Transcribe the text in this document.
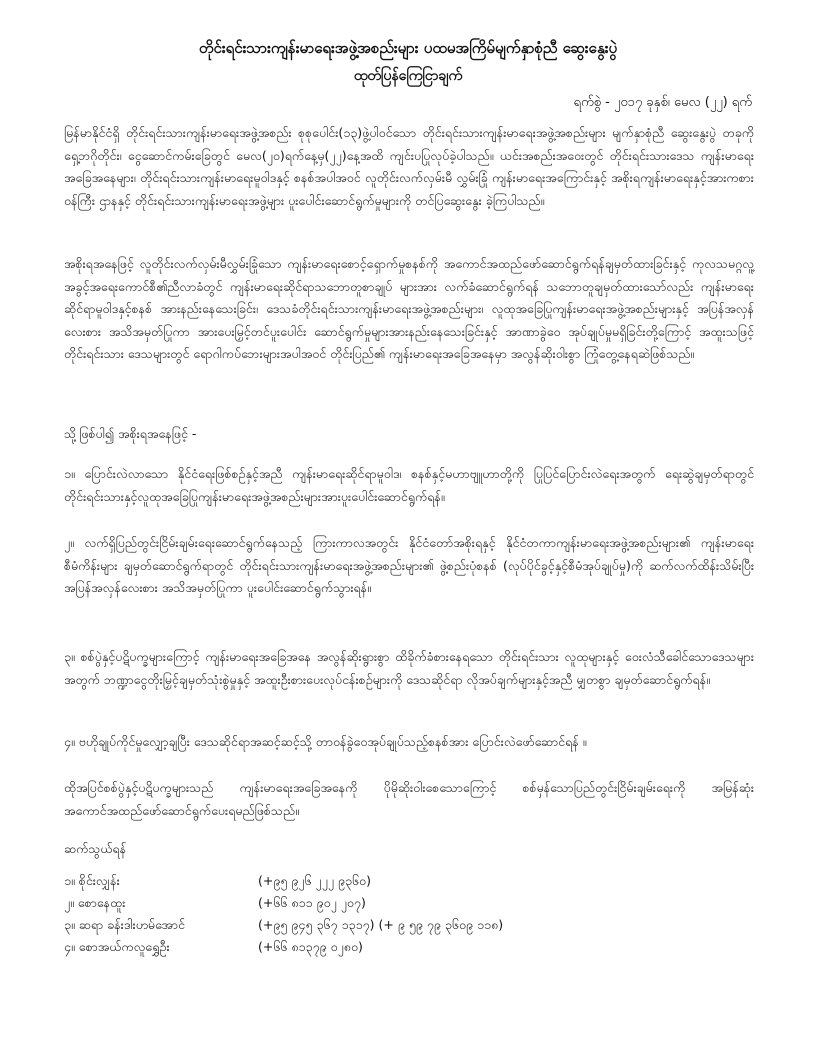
တိုင်းရင်းသားကျန်းမာရေးအဖွဲ့အစည်းများ ပထမအကြိမ်မျက်နှာစုံညီ ဆွေးနွေးပွဲ
ထုတ်ပြန်ကြေငြာချက်
ရက်စွဲ - ၂၀၁၇ ခုနှစ်၊ မေလ (၂၂) ရက်
မြန်မာနိုင်ငံရှိ တိုင်းရင်းသားကျန်းမာရေးအဖွဲ့အစည်း စုစုပေါင်း(၁၃)ဖွဲ့ပါဝင်သော တိုင်းရင်းသားကျန်းမာရေးအဖွဲ့အစည်းများ မျက်နှာစုံညီ ဆွေးနွေးပွဲ တခုကို ရှေ့ဘဂိုတိုင်း၊ ငွေဆောင်ကမ်းခြေတွင် မေလ(၂၀)ရက်နေ့မှ(၂၂)နေ့အထိ ကျင်းပပြုလုပ်ခဲ့ပါသည်။ ယင်းအစည်းအဝေးတွင် တိုင်းရင်းသားဒေသ ကျန်းမာရေးအခြေအနေများ၊ တိုင်းရင်းသားကျန်းမာရေးမူဝါဒနှင့် စနစ်အပါအဝင် လူတိုင်းလက်လှမ်းမီ လွှမ်းခြုံ ကျန်းမာရေးအကြောင်းနှင့် အစိုးရကျန်းမာရေးနှင့်အားကစားဝန်ကြီး ဌာနနှင့် တိုင်းရင်းသားကျန်းမာရေးအဖွဲ့များ ပူးပေါင်းဆောင်ရွက်မှုများကို တင်ပြဆွေးနွေး ခဲ့ကြပါသည်။
အစိုးရအနေဖြင့် လူတိုင်းလက်လှမ်းမီလွှမ်းခြုံသော ကျန်းမာရေးစောင့်ရှောက်မှုစနစ်ကို အကောင်အထည်ဖော်ဆောင်ရွက်ရန်ချမှတ်ထားခြင်းနှင့် ကုလသမဂ္ဂလူ့အခွင့်အရေးကောင်စီ၏ညီလာခံတွင် ကျန်းမာရေးဆိုင်ရာသဘောတူစာချုပ် များအား လက်ခံဆောင်ရွက်ရန် သဘောတူချမှတ်ထားသော်လည်း ကျန်းမာရေးဆိုင်ရာမူဝါဒနှင့်စနစ် အားနည်းနေသေးခြင်း၊ ဒေသခံတိုင်းရင်းသားကျန်းမာရေးအဖွဲ့အစည်းများ၊ လူထုအခြေပြုကျန်းမာရေးအဖွဲ့အစည်းများနှင့် အပြန်အလှန်လေးစား အသိအမှတ်ပြုကာ အားပေးမြှင့်တင်ပူးပေါင်း ဆောင်ရွက်မှုများအားနည်းနေသေးခြင်းနှင့် အာဏာခွဲဝေ အုပ်ချုပ်မှုမရှိခြင်းတို့ကြောင့် အထူးသဖြင့် တိုင်းရင်းသား ဒေသများတွင် ရောဂါကပ်ဘေးများအပါအဝင် တိုင်းပြည်၏ ကျန်းမာရေးအခြေအနေမှာ အလွန်ဆိုးဝါးစွာ ကြုံတွေ့နေရဆဲဖြစ်သည်။
သို့ဖြစ်ပါ၍ အစိုးရအနေဖြင့် -
၁။ ပြောင်းလဲလာသော နိုင်ငံရေးဖြစ်စဉ်နှင့်အညီ ကျန်းမာရေးဆိုင်ရာမူဝါဒ၊ စနစ်နှင့်မဟာဗျူဟာတို့ကို ပြုပြင်ပြောင်းလဲရေးအတွက် ရေးဆွဲချမှတ်ရာတွင် တိုင်းရင်းသားနှင့်လူထုအခြေပြုကျန်းမာရေးအဖွဲ့အစည်းများအားပူးပေါင်းဆောင်ရွက်ရန်။
၂။ လက်ရှိပြည်တွင်းငြိမ်းချမ်းရေးဆောင်ရွက်နေသည့် ကြားကာလအတွင်း နိုင်ငံတော်အစိုးရနှင့် နိုင်ငံတကာကျန်းမာရေးအဖွဲ့အစည်းများ၏ ကျန်းမာရေးစီမံကိန်းများ ချမှတ်ဆောင်ရွက်ရာတွင် တိုင်းရင်းသားကျန်းမာရေးအဖွဲ့အစည်းများ၏ ဖွဲ့စည်းပုံစနစ် (လုပ်ပိုင်ခွင့်နှင့်စီမံအုပ်ချုပ်မှု)ကို ဆက်လက်ထိန်းသိမ်းပြီးအပြန်အလှန်လေးစား အသိအမှတ်ပြုကာ ပူးပေါင်းဆောင်ရွက်သွားရန်။
၃။ စစ်ပွဲနှင့်ပဋိပက္ခများကြောင့် ကျန်းမာရေးအခြေအနေ အလွန်ဆိုးရွားစွာ ထိခိုက်ခံစားနေရသော တိုင်းရင်းသား လူထုများနှင့် ဝေးလံသီခေါင်သောဒေသများအတွက် ဘဏ္ဍာငွေတိုးမြှင့်ချမှတ်သုံးစွဲမှုနှင့် အထူးဦးစားပေးလုပ်ငန်းစဉ်များကို ဒေသဆိုင်ရာ လိုအပ်ချက်များနှင့်အညီ မျှတစွာ ချမှတ်ဆောင်ရွက်ရန်။
၄။ ဗဟိုချုပ်ကိုင်မှုလျှော့ချပြီး ဒေသဆိုင်ရာအဆင့်ဆင့်သို့ တာဝန်ခွဲဝေအုပ်ချုပ်သည့်စနစ်အား ပြောင်းလဲဖော်ဆောင်ရန် ။
ထိုအပြင်စစ်ပွဲနှင့်ပဋိပက္ခများသည် ကျန်းမာရေးအခြေအနေကို ပိုမိုဆိုးဝါးစေသောကြောင့် စစ်မှန်သောပြည်တွင်းငြိမ်းချမ်းရေးကို အမြန်ဆုံးအကောင်အထည်ဖော်ဆောင်ရွက်ပေးရမည်ဖြစ်သည်။
ဆက်သွယ်ရန်
၁။ စိုင်းလျှန်း	(+၉၅ ၉၂၆ ၂၂၂ ၉၃၆၀)
၂။ စောနေထူး	(+၆၆ ၈၁၁ ၉၀၂ ၂၀၇)
၃။ ဆရာ ခန်းဒါးဟမ်အောင်	(+၉၅ ၉၄၅ ၃၆၇ ၁၃၁၇) (+ ၉ ၅၉ ၇၉ ၃၆၀၉ ၁၁၈)
၄။ စောအယ်ကလူရွှေဦး	(+၆၆ ၈၁၃၇၉ ၀၂၈၀)
